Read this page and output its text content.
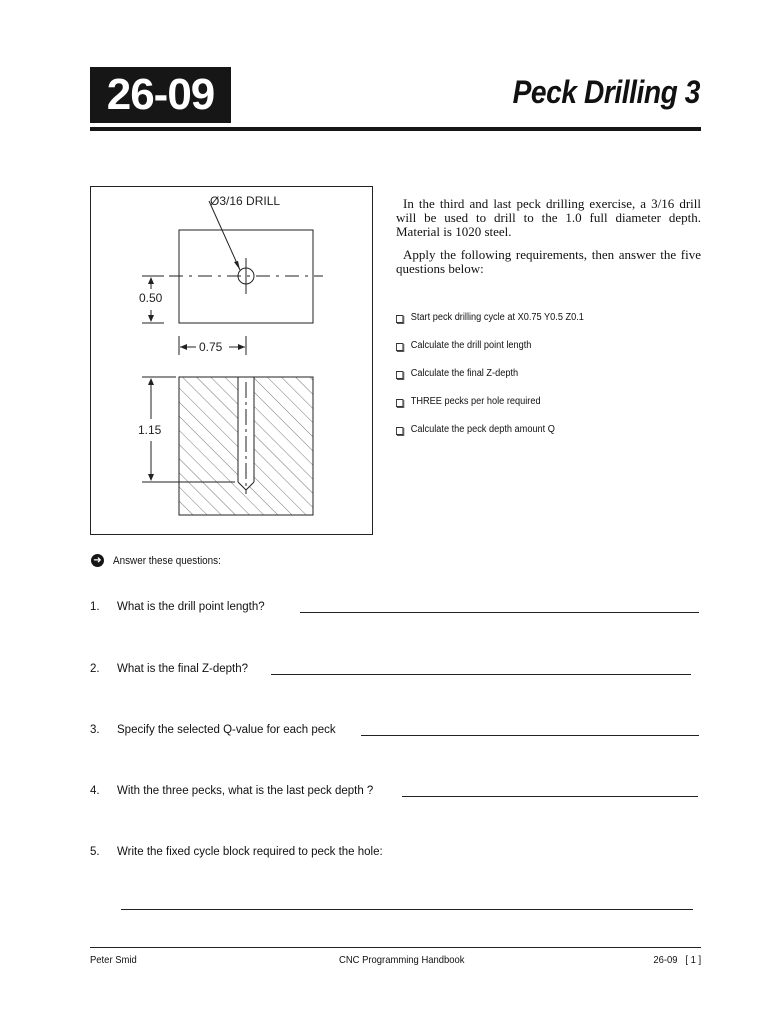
26-09	Peck Drilling 3
Ø3/16 DRILL
0.50
0.75
1.15

In the third and last peck drilling exercise, a 3/16 drill will be used to drill to the 1.0 full diameter depth. Material is 1020 steel.

Apply the following requirements, then answer the five questions below:

Start peck drilling cycle at X0.75 Y0.5 Z0.1
Calculate the drill point length
Calculate the final Z-depth
THREE pecks per hole required
Calculate the peck depth amount Q
➜ Answer these questions:
1. What is the drill point length?
2. What is the final Z-depth?
3. Specify the selected Q-value for each peck
4. With the three pecks, what is the last peck depth ?
5. Write the fixed cycle block required to peck the hole:
Peter Smid	CNC Programming Handbook	26-09   [ 1 ]
